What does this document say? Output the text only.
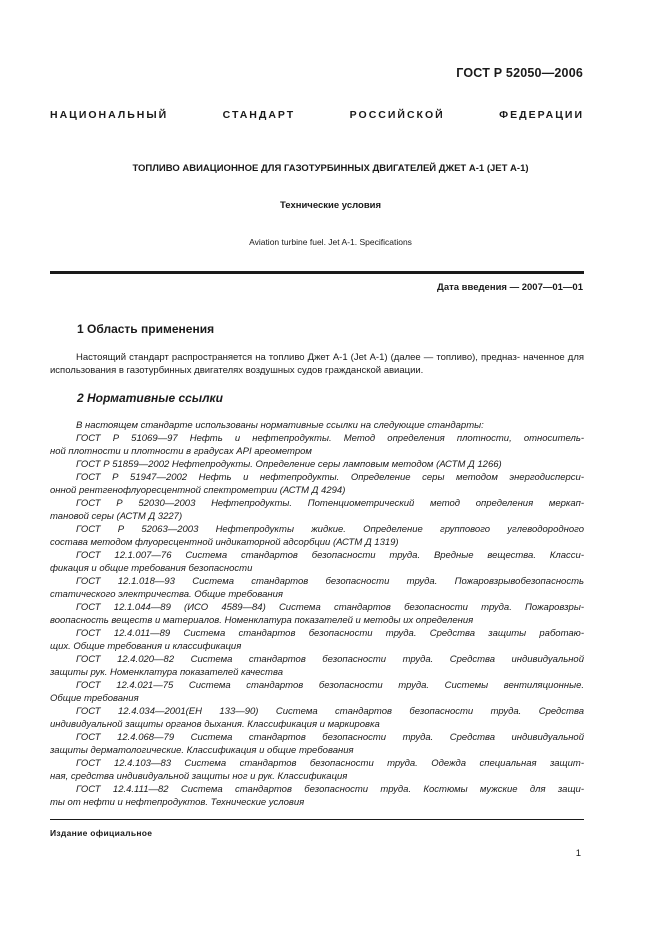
ГОСТ Р 52050—2006
НАЦИОНАЛЬНЫЙ СТАНДАРТ РОССИЙСКОЙ ФЕДЕРАЦИИ
ТОПЛИВО АВИАЦИОННОЕ ДЛЯ ГАЗОТУРБИННЫХ ДВИГАТЕЛЕЙ ДЖЕТ А-1 (JET А-1)
Технические условия
Aviation turbine fuel. Jet A-1. Specifications
Дата введения — 2007—01—01
1 Область применения
Настоящий стандарт распространяется на топливо Джет А-1 (Jet А-1) (далее — топливо), предназ- наченное для использования в газотурбинных двигателях воздушных судов гражданской авиации.
2 Нормативные ссылки
В настоящем стандарте использованы нормативные ссылки на следующие стандарты:
ГОСТ Р 51069—97 Нефть и нефтепродукты. Метод определения плотности, относитель-
ной плотности и плотности в градусах API ареометром
ГОСТ Р 51859—2002 Нефтепродукты. Определение серы ламповым методом (АСТМ Д 1266)
ГОСТ Р 51947—2002 Нефть и нефтепродукты. Определение серы методом энергодисперси-
онной рентгенофлуоресцентной спектрометрии (АСТМ Д 4294)
ГОСТ Р 52030—2003 Нефтепродукты. Потенциометрический метод определения меркап-
тановой серы (АСТМ Д 3227)
ГОСТ Р 52063—2003 Нефтепродукты жидкие. Определение группового углеводородного
состава методом флуоресцентной индикаторной адсорбции (АСТМ Д 1319)
ГОСТ 12.1.007—76 Система стандартов безопасности труда. Вредные вещества. Класси-
фикация и общие требования безопасности
ГОСТ 12.1.018—93 Система стандартов безопасности труда. Пожаровзрывобезопасность
статического электричества. Общие требования
ГОСТ 12.1.044—89 (ИСО 4589—84) Система стандартов безопасности труда. Пожаровзры-
воопасность веществ и материалов. Номенклатура показателей и методы их определения
ГОСТ 12.4.011—89 Система стандартов безопасности труда. Средства защиты работаю-
щих. Общие требования и классификация
ГОСТ 12.4.020—82 Система стандартов безопасности труда. Средства индивидуальной
защиты рук. Номенклатура показателей качества
ГОСТ 12.4.021—75 Система стандартов безопасности труда. Системы вентиляционные.
Общие требования
ГОСТ 12.4.034—2001(ЕН 133—90) Система стандартов безопасности труда. Средства
индивидуальной защиты органов дыхания. Классификация и маркировка
ГОСТ 12.4.068—79 Система стандартов безопасности труда. Средства индивидуальной
защиты дерматологические. Классификация и общие требования
ГОСТ 12.4.103—83 Система стандартов безопасности труда. Одежда специальная защит-
ная, средства индивидуальной защиты ног и рук. Классификация
ГОСТ 12.4.111—82 Система стандартов безопасности труда. Костюмы мужские для защи-
ты от нефти и нефтепродуктов. Технические условия
Издание официальное
1
